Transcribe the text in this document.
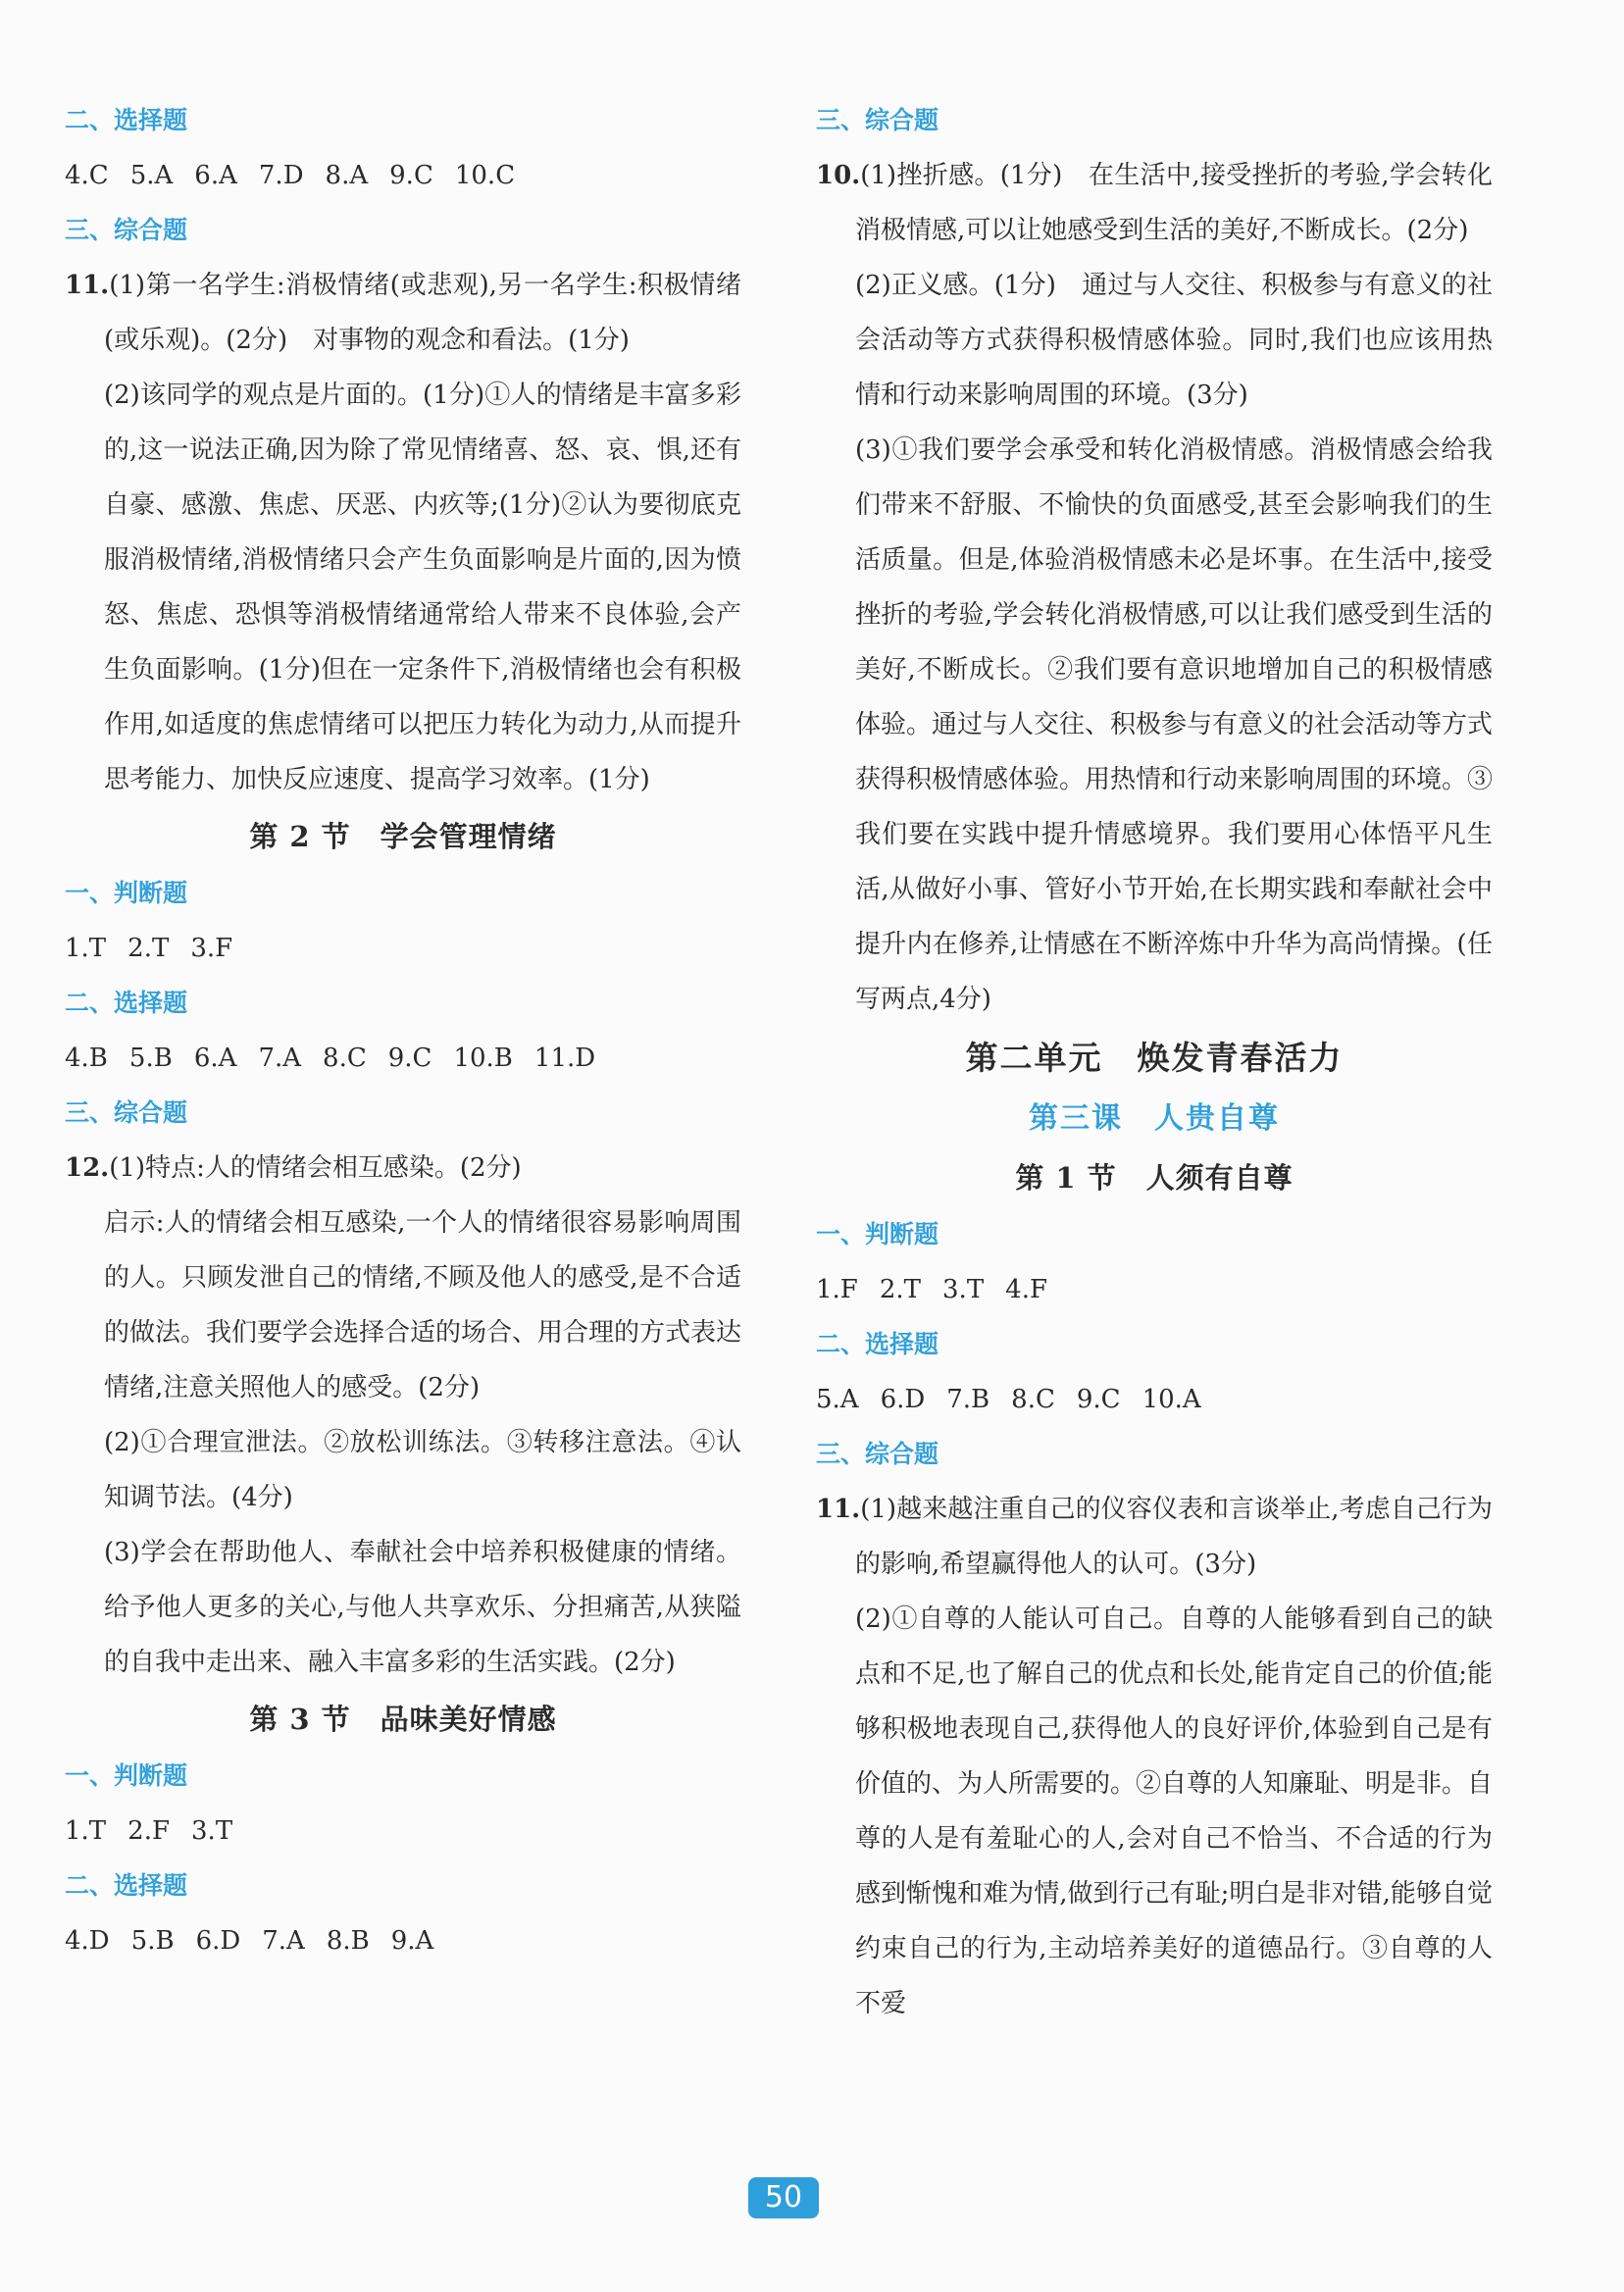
二、选择题
4.C 5.A 6.A 7.D 8.A 9.C 10.C
三、综合题

11.(1)第一名学生:消极情绪(或悲观),另一名学生:积极情绪(或乐观)。(2分)　对事物的观念和看法。(1分)

(2)该同学的观点是片面的。(1分)①人的情绪是丰富多彩的,这一说法正确,因为除了常见情绪喜、怒、哀、惧,还有自豪、感激、焦虑、厌恶、内疚等;(1分)②认为要彻底克服消极情绪,消极情绪只会产生负面影响是片面的,因为愤怒、焦虑、恐惧等消极情绪通常给人带来不良体验,会产生负面影响。(1分)但在一定条件下,消极情绪也会有积极作用,如适度的焦虑情绪可以把压力转化为动力,从而提升思考能力、加快反应速度、提高学习效率。(1分)

第 2 节　学会管理情绪
一、判断题
1.T 2.T 3.F
二、选择题
4.B 5.B 6.A 7.A 8.C 9.C 10.B 11.D
三、综合题

12.(1)特点:人的情绪会相互感染。(2分)

启示:人的情绪会相互感染,一个人的情绪很容易影响周围的人。只顾发泄自己的情绪,不顾及他人的感受,是不合适的做法。我们要学会选择合适的场合、用合理的方式表达情绪,注意关照他人的感受。(2分)

(2)①合理宣泄法。②放松训练法。③转移注意法。④认知调节法。(4分)

(3)学会在帮助他人、奉献社会中培养积极健康的情绪。给予他人更多的关心,与他人共享欢乐、分担痛苦,从狭隘的自我中走出来、融入丰富多彩的生活实践。(2分)

第 3 节　品味美好情感
一、判断题
1.T 2.F 3.T
二、选择题
4.D 5.B 6.D 7.A 8.B 9.A
三、综合题

10.(1)挫折感。(1分)　在生活中,接受挫折的考验,学会转化消极情感,可以让她感受到生活的美好,不断成长。(2分)

(2)正义感。(1分)　通过与人交往、积极参与有意义的社会活动等方式获得积极情感体验。同时,我们也应该用热情和行动来影响周围的环境。(3分)

(3)①我们要学会承受和转化消极情感。消极情感会给我们带来不舒服、不愉快的负面感受,甚至会影响我们的生活质量。但是,体验消极情感未必是坏事。在生活中,接受挫折的考验,学会转化消极情感,可以让我们感受到生活的美好,不断成长。②我们要有意识地增加自己的积极情感体验。通过与人交往、积极参与有意义的社会活动等方式获得积极情感体验。用热情和行动来影响周围的环境。③我们要在实践中提升情感境界。我们要用心体悟平凡生活,从做好小事、管好小节开始,在长期实践和奉献社会中提升内在修养,让情感在不断淬炼中升华为高尚情操。(任写两点,4分)

第二单元　焕发青春活力
第三课　人贵自尊
第 1 节　人须有自尊
一、判断题
1.F 2.T 3.T 4.F
二、选择题
5.A 6.D 7.B 8.C 9.C 10.A
三、综合题

11.(1)越来越注重自己的仪容仪表和言谈举止,考虑自己行为的影响,希望赢得他人的认可。(3分)

(2)①自尊的人能认可自己。自尊的人能够看到自己的缺点和不足,也了解自己的优点和长处,能肯定自己的价值;能够积极地表现自己,获得他人的良好评价,体验到自己是有价值的、为人所需要的。②自尊的人知廉耻、明是非。自尊的人是有羞耻心的人,会对自己不恰当、不合适的行为感到惭愧和难为情,做到行己有耻;明白是非对错,能够自觉约束自己的行为,主动培养美好的道德品行。③自尊的人不爱

50
